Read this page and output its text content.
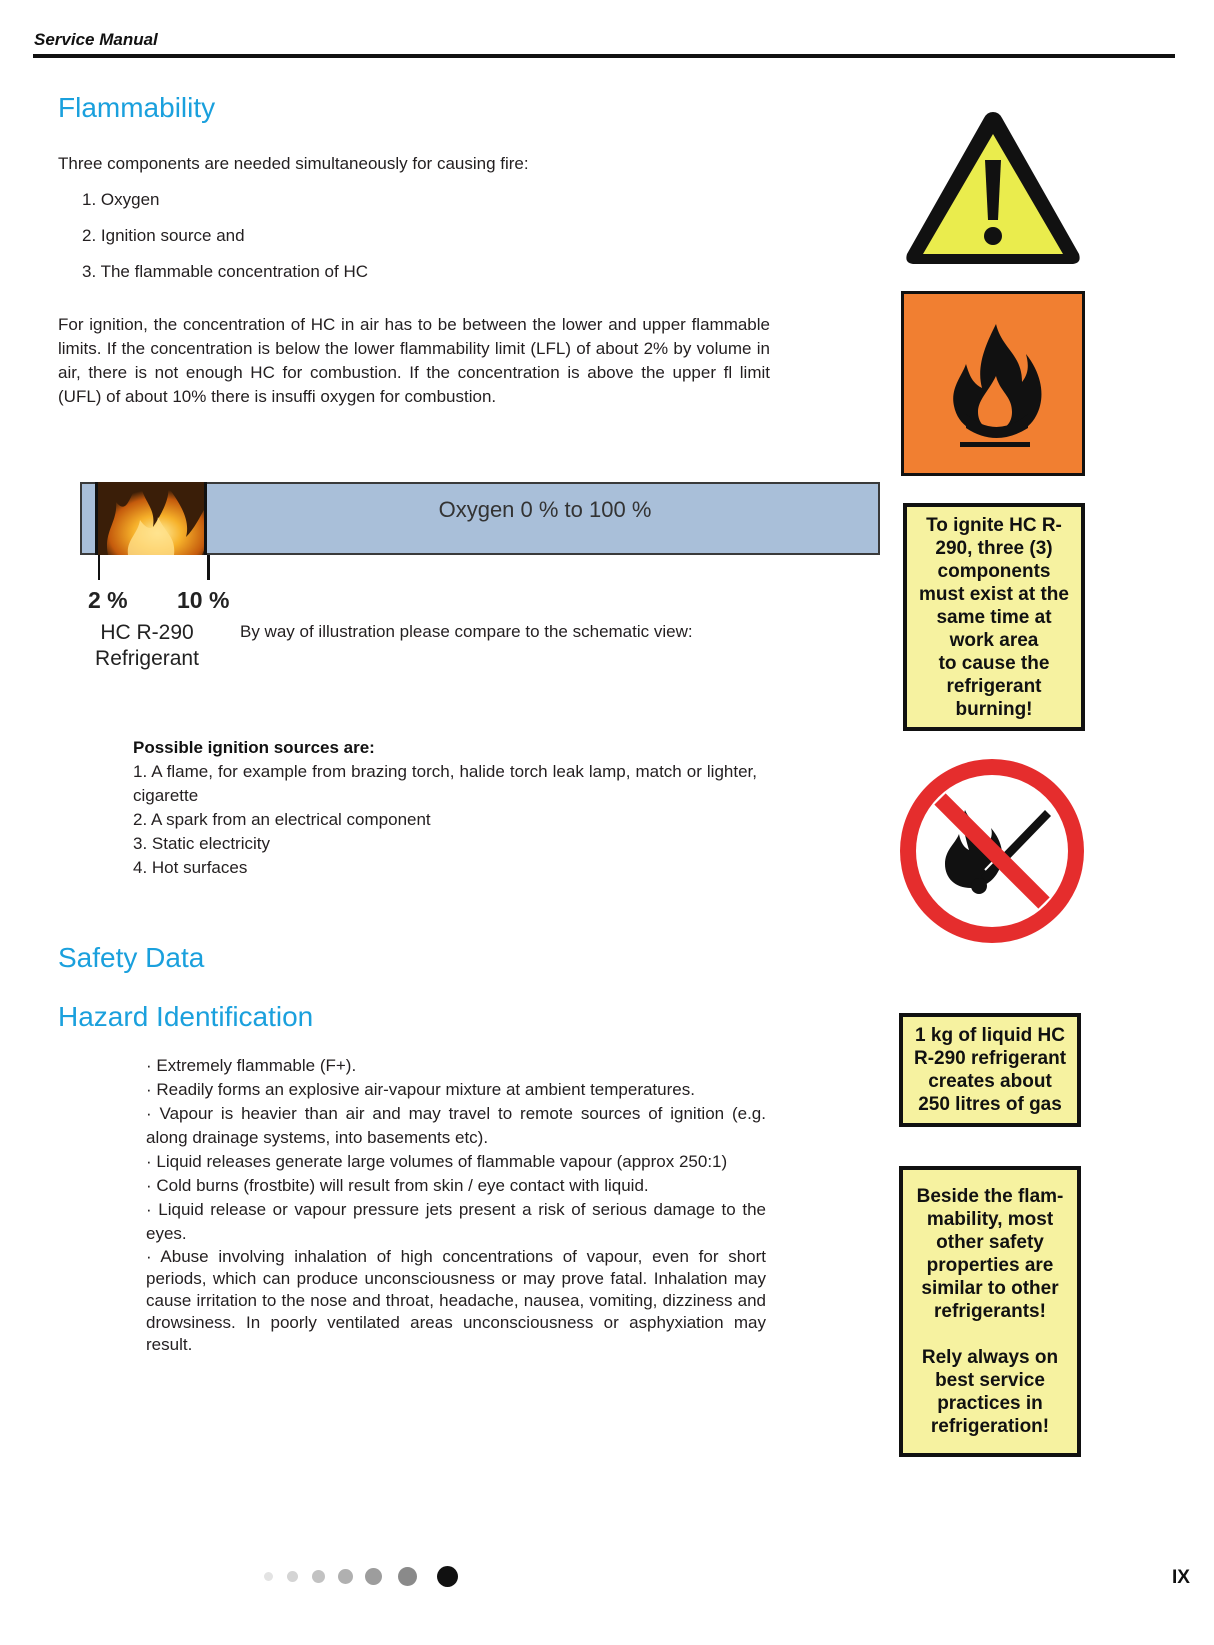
Service Manual
Flammability
Three components are needed simultaneously for causing fire:
1. Oxygen
2. Ignition source and
3. The flammable concentration of HC
For ignition, the concentration of HC in air has to be between the lower and upper flammable limits. If the concentration is below the lower flammability limit (LFL) of about 2% by volume in air, there is not enough HC for combustion. If the concentration is above the upper fl limit (UFL) of about 10% there is insuffi oxygen for combustion.
Oxygen 0 % to 100 %
2 % 10 %
HC R-290
Refrigerant
By way of illustration please compare to the schematic view:
Possible ignition sources are:
1. A flame, for example from brazing torch, halide torch leak lamp, match or lighter, cigarette
2. A spark from an electrical component
3. Static electricity
4. Hot surfaces
Safety Data
Hazard Identification
· Extremely flammable (F+).
· Readily forms an explosive air-vapour mixture at ambient temperatures.
· Vapour is heavier than air and may travel to remote sources of ignition (e.g. along drainage systems, into basements etc).
· Liquid releases generate large volumes of flammable vapour (approx 250:1)
· Cold burns (frostbite) will result from skin / eye contact with liquid.
· Liquid release or vapour pressure jets present a risk of serious damage to the eyes.
· Abuse involving inhalation of high concentrations of vapour, even for short periods, which can produce unconsciousness or may prove fatal. Inhalation may cause irritation to the nose and throat, headache, nausea, vomiting, dizziness and drowsiness. In poorly ventilated areas unconsciousness or asphyxiation may result.
To ignite HC R-
290, three (3)
components
must exist at the
same time at
work area
to cause the
refrigerant
burning!
1 kg of liquid HC
R-290 refrigerant
creates about
250 litres of gas
Beside the flam-
mability, most
other safety
properties are
similar to other
refrigerants!
Rely always on
best service
practices in
refrigeration!
IX
